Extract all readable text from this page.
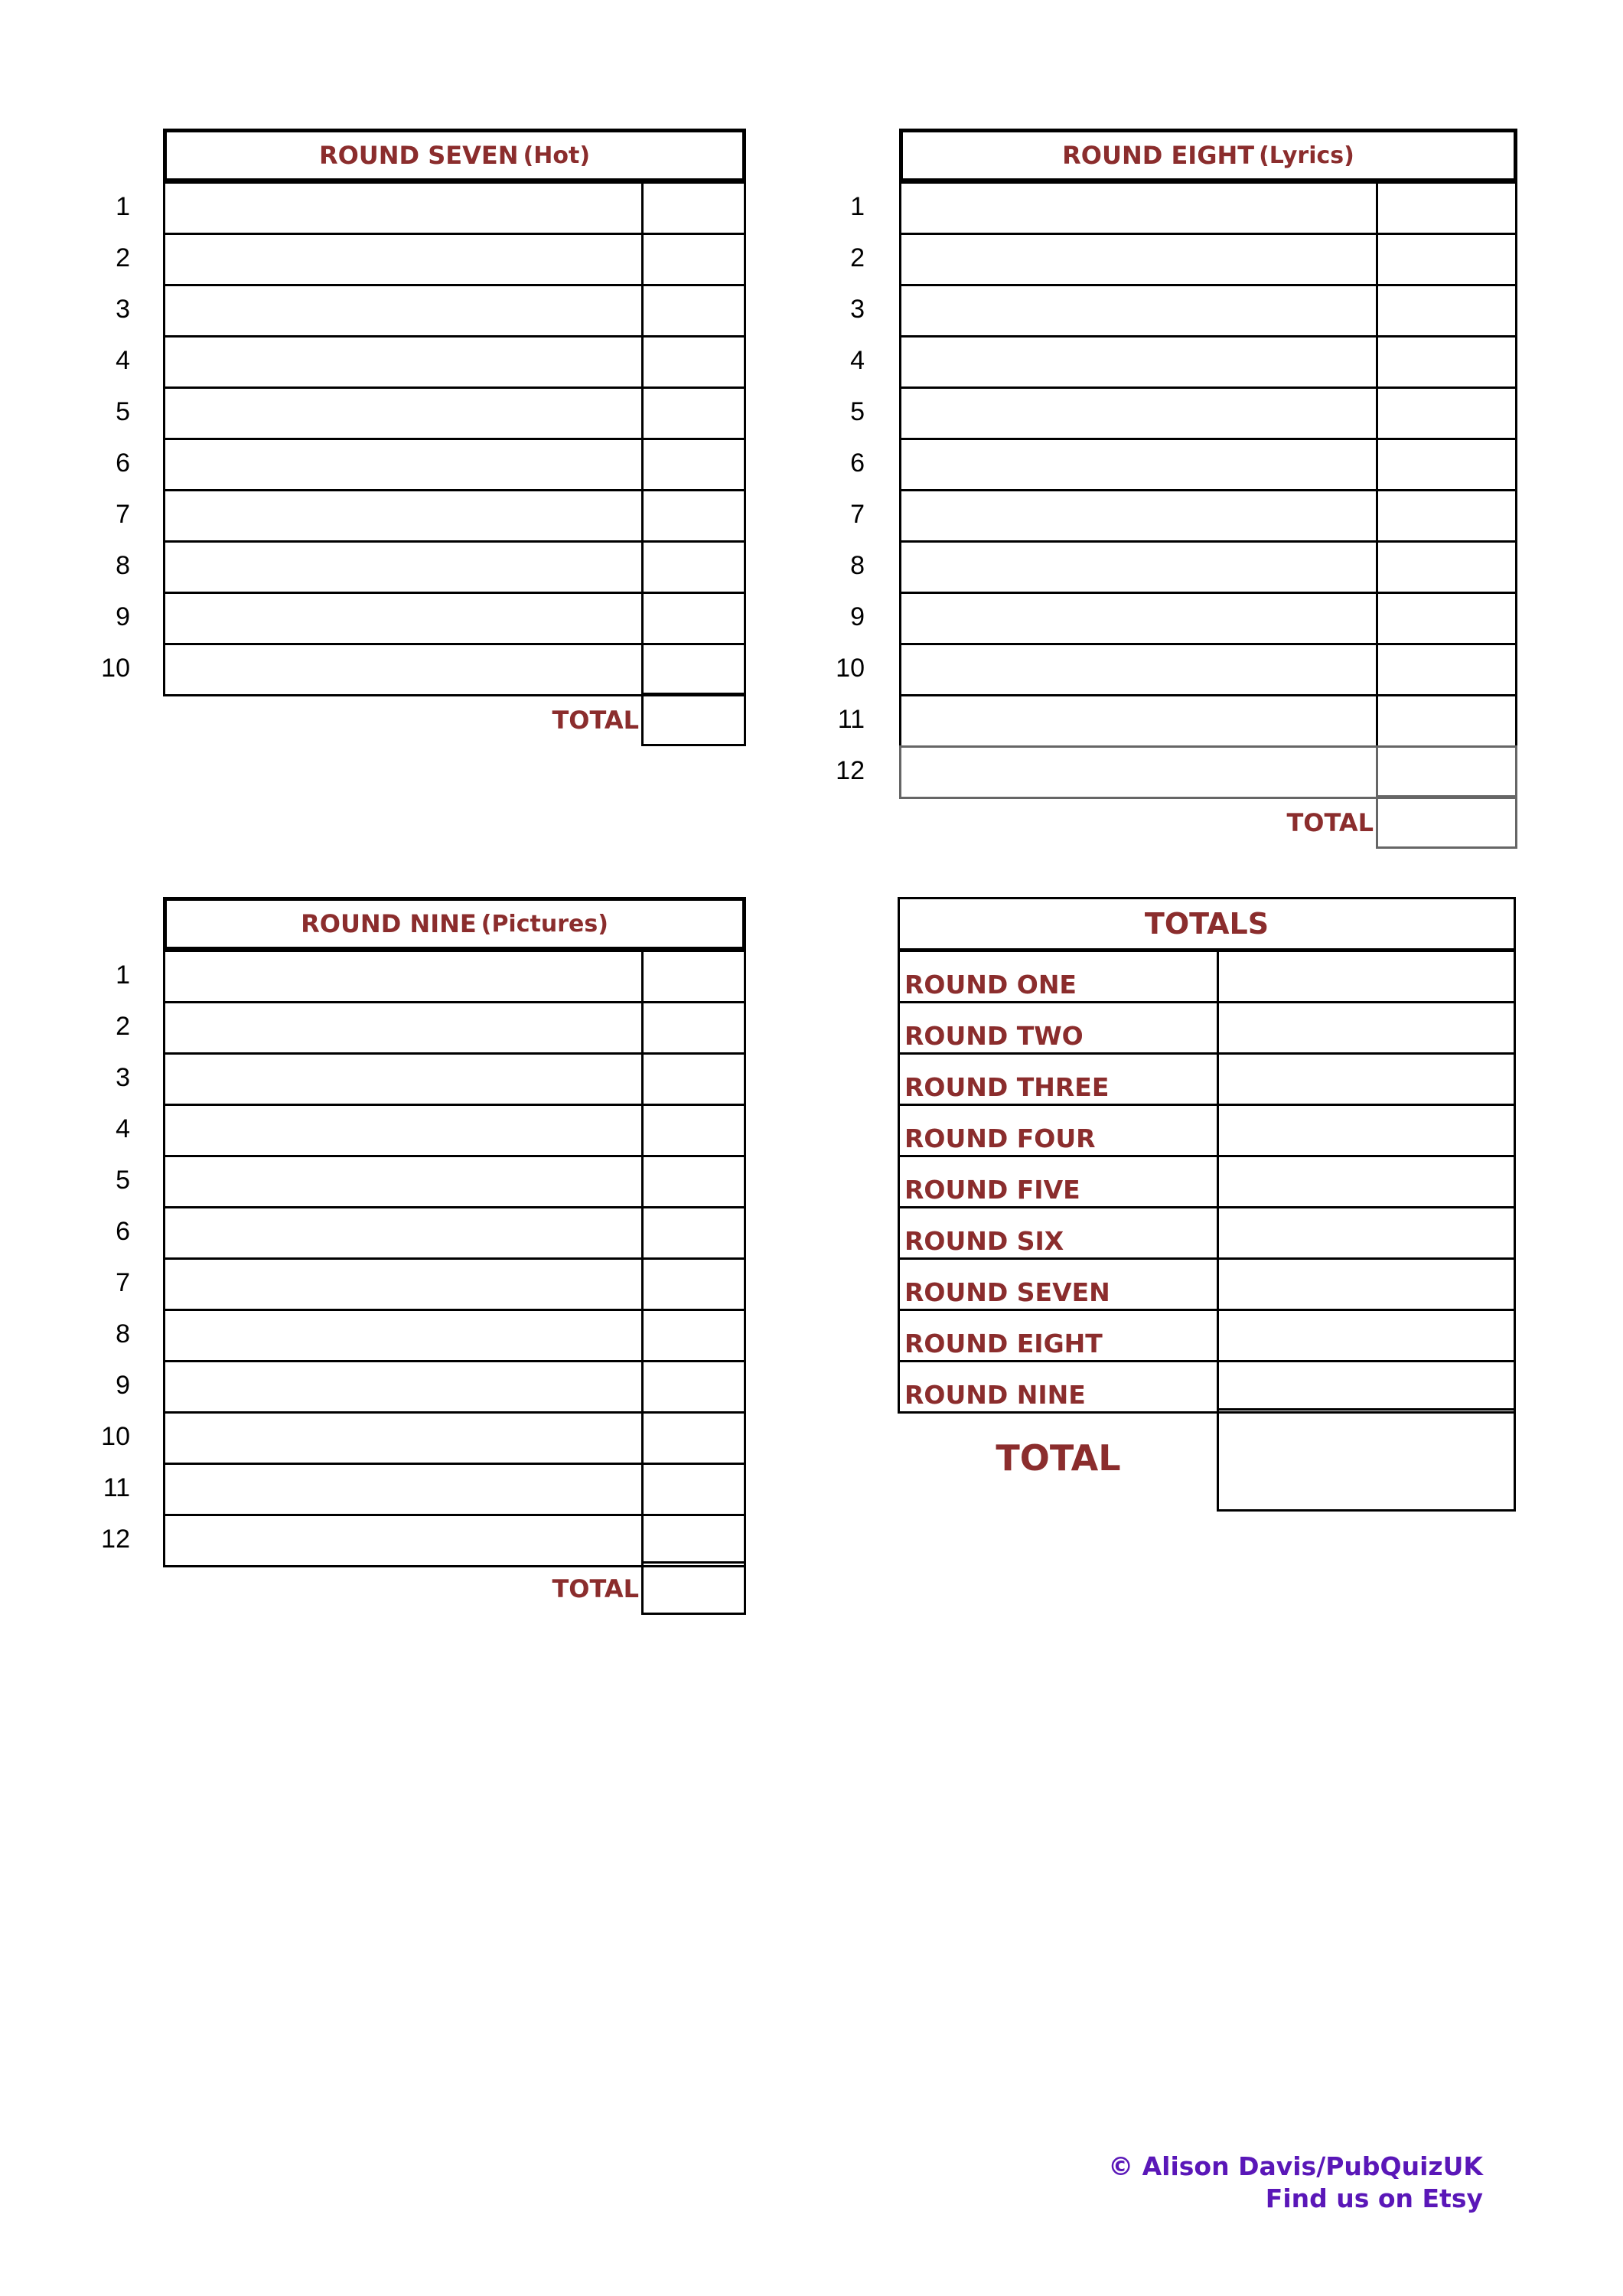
ROUND SEVEN (Hot)
1
2
3
4
5
6
7
8
9
10
TOTAL
ROUND EIGHT (Lyrics)
1
2
3
4
5
6
7
8
9
10
11
12
TOTAL
ROUND NINE (Pictures)
1
2
3
4
5
6
7
8
9
10
11
12
TOTAL
TOTALS
ROUND ONE
ROUND TWO
ROUND THREE
ROUND FOUR
ROUND FIVE
ROUND SIX
ROUND SEVEN
ROUND EIGHT
ROUND NINE
TOTAL
© Alison Davis/PubQuizUK
Find us on Etsy
